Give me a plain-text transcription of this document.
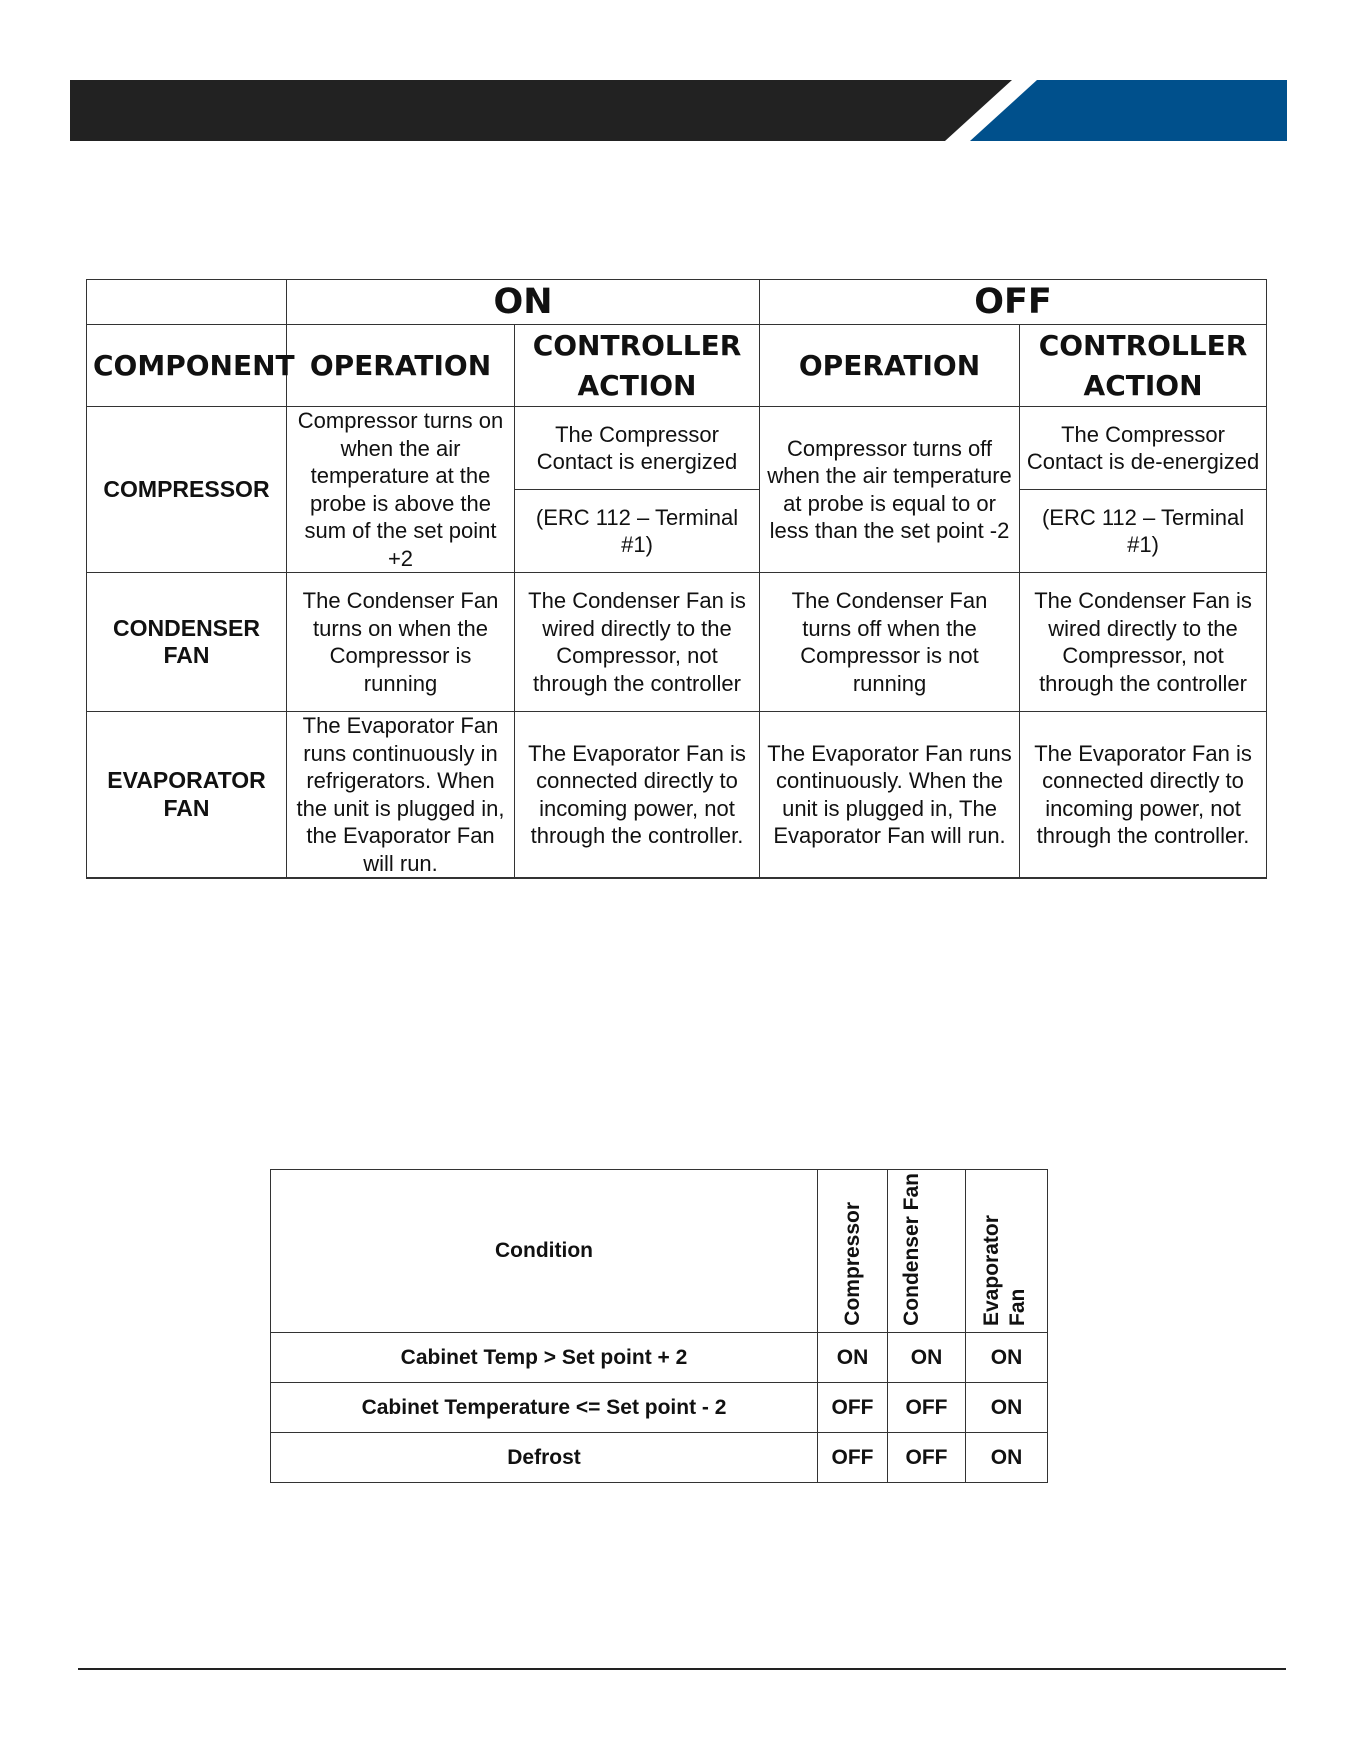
	ON		OFF	
COMPONENT	OPERATION	CONTROLLER ACTION	OPERATION	CONTROLLER ACTION
COMPRESSOR	Compressor turns on when the air temperature at the probe is above the sum of the set point +2	The Compressor Contact is energized	Compressor turns off when the air temperature at probe is equal to or less than the set point -2	The Compressor Contact is de-energized
		(ERC 112 – Terminal #1)		(ERC 112 – Terminal #1)
CONDENSER FAN	The Condenser Fan turns on when the Compressor is running	The Condenser Fan is wired directly to the Compressor, not through the controller	The Condenser Fan turns off when the Compressor is not running	The Condenser Fan is wired directly to the Compressor, not through the controller
EVAPORATOR FAN	The Evaporator Fan runs continuously in refrigerators. When the unit is plugged in, the Evaporator Fan will run.	The Evaporator Fan is connected directly to incoming power, not through the controller.	The Evaporator Fan runs continuously. When the unit is plugged in, The Evaporator Fan will run.	The Evaporator Fan is connected directly to incoming power, not through the controller.
Condition	Compressor	Condenser Fan	Evaporator Fan

Cabinet Temp > Set point + 2	ON	ON	ON
Cabinet Temperature <= Set point - 2	OFF	OFF	ON
Defrost	OFF	OFF	ON
